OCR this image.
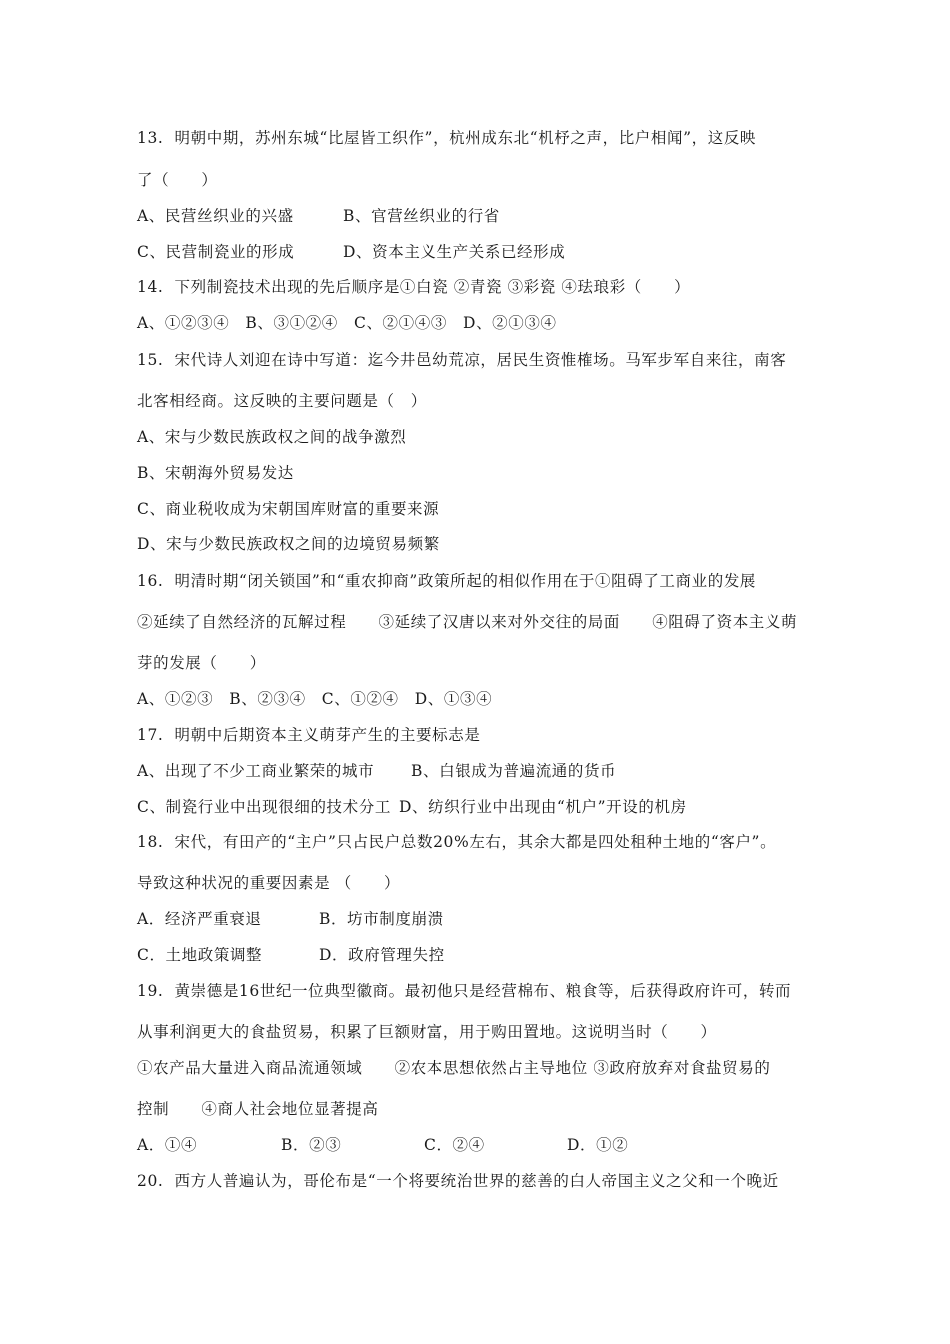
13. 明朝中期，苏州东城“比屋皆工织作”，杭州成东北“机杼之声，比户相闻”，这反映
了（　　）
A、民营丝织业的兴盛	B、官营丝织业的行省
C、民营制瓷业的形成	D、资本主义生产关系已经形成
14. 下列制瓷技术出现的先后顺序是①白瓷 ②青瓷 ③彩瓷 ④珐琅彩（　　）
A、①②③④　B、③①②④　C、②①④③　D、②①③④
15. 宋代诗人刘迎在诗中写道：迄今井邑幼荒凉，居民生资惟榷场。马军步军自来往，南客
北客相经商。这反映的主要问题是（　）
A、宋与少数民族政权之间的战争激烈
B、宋朝海外贸易发达
C、商业税收成为宋朝国库财富的重要来源
D、宋与少数民族政权之间的边境贸易频繁
16. 明清时期“闭关锁国”和“重农抑商”政策所起的相似作用在于①阻碍了工商业的发展
②延续了自然经济的瓦解过程　　③延续了汉唐以来对外交往的局面　　④阻碍了资本主义萌
芽的发展（　　）
A、①②③　B、②③④　C、①②④　D、①③④
17. 明朝中后期资本主义萌芽产生的主要标志是
A、出现了不少工商业繁荣的城市 B、白银成为普遍流通的货币
C、制瓷行业中出现很细的技术分工 D、纺织行业中出现由“机户”开设的机房
18. 宋代，有田产的“主户”只占民户总数20%左右，其余大都是四处租种土地的“客户”。
导致这种状况的重要因素是 （　　）
A．经济严重衰退	B．坊市制度崩溃
C．土地政策调整	D．政府管理失控
19. 黄崇德是16世纪一位典型徽商。最初他只是经营棉布、粮食等，后获得政府许可，转而
从事利润更大的食盐贸易，积累了巨额财富，用于购田置地。这说明当时（　　）
①农产品大量进入商品流通领域　　②农本思想依然占主导地位 ③政府放弃对食盐贸易的
控制　　④商人社会地位显著提高
A．①④	B．②③	C．②④	D．①②
20. 西方人普遍认为，哥伦布是“一个将要统治世界的慈善的白人帝国主义之父和一个晚近
